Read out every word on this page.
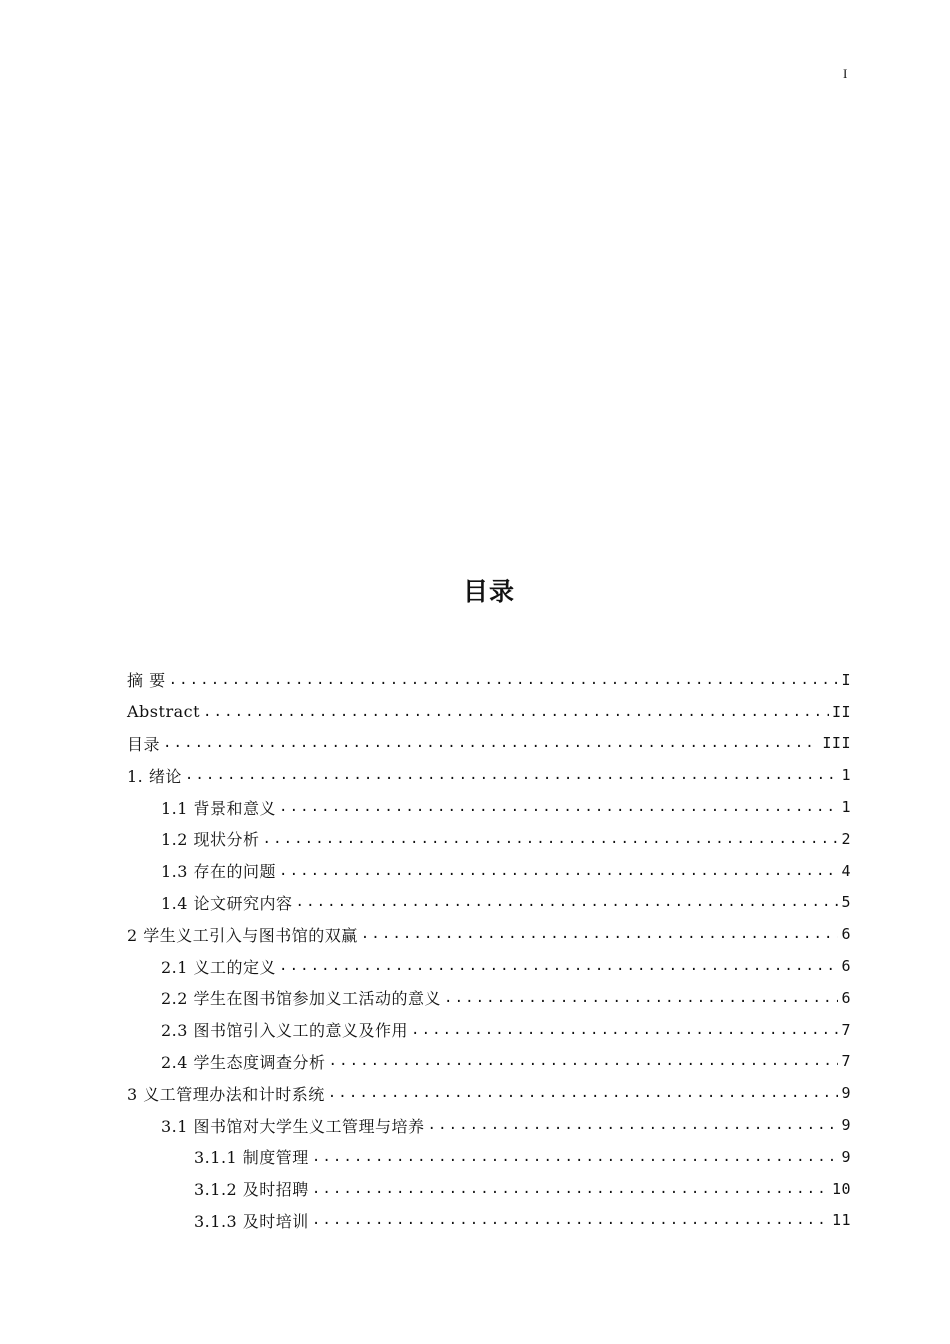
I
目录
摘 要 .....	I
Abstract .....	II
目录 .....	III
1. 绪论 .....	1
1.1 背景和意义 .....	1
1.2 现状分析 .....	2
1.3 存在的问题 .....	4
1.4 论文研究内容 .....	5
2 学生义工引入与图书馆的双赢 .....	6
2.1 义工的定义 .....	6
2.2 学生在图书馆参加义工活动的意义 .....	6
2.3 图书馆引入义工的意义及作用 .....	7
2.4 学生态度调查分析 .....	7
3 义工管理办法和计时系统 .....	9
3.1 图书馆对大学生义工管理与培养 .....	9
3.1.1 制度管理 .....	9
3.1.2 及时招聘 .....	10
3.1.3 及时培训 .....	11
